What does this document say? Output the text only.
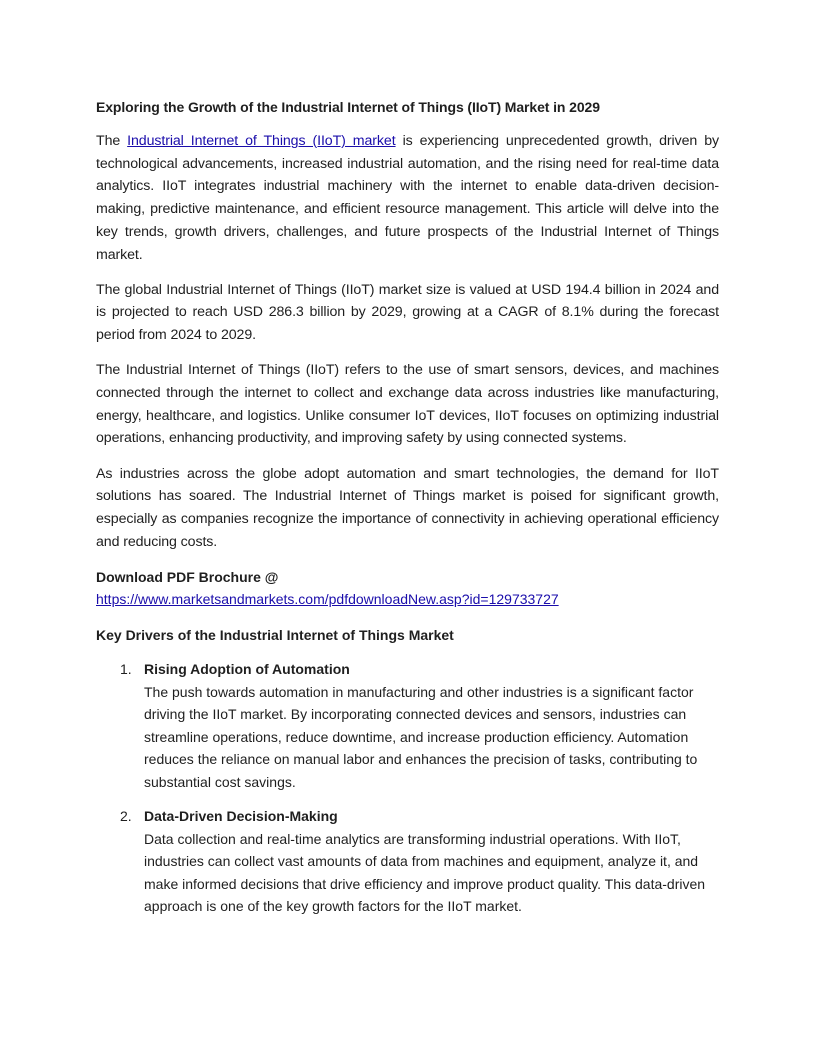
Exploring the Growth of the Industrial Internet of Things (IIoT) Market in 2029

The Industrial Internet of Things (IIoT) market is experiencing unprecedented growth, driven by technological advancements, increased industrial automation, and the rising need for real-time data analytics. IIoT integrates industrial machinery with the internet to enable data-driven decision-making, predictive maintenance, and efficient resource management. This article will delve into the key trends, growth drivers, challenges, and future prospects of the Industrial Internet of Things market.

The global Industrial Internet of Things (IIoT) market size is valued at USD 194.4 billion in 2024 and is projected to reach USD 286.3 billion by 2029, growing at a CAGR of 8.1% during the forecast period from 2024 to 2029.

The Industrial Internet of Things (IIoT) refers to the use of smart sensors, devices, and machines connected through the internet to collect and exchange data across industries like manufacturing, energy, healthcare, and logistics. Unlike consumer IoT devices, IIoT focuses on optimizing industrial operations, enhancing productivity, and improving safety by using connected systems.

As industries across the globe adopt automation and smart technologies, the demand for IIoT solutions has soared. The Industrial Internet of Things market is poised for significant growth, especially as companies recognize the importance of connectivity in achieving operational efficiency and reducing costs.

Download PDF Brochure @
https://www.marketsandmarkets.com/pdfdownloadNew.asp?id=129733727
Key Drivers of the Industrial Internet of Things Market
1. Rising Adoption of Automation
The push towards automation in manufacturing and other industries is a significant factor driving the IIoT market. By incorporating connected devices and sensors, industries can streamline operations, reduce downtime, and increase production efficiency. Automation reduces the reliance on manual labor and enhances the precision of tasks, contributing to substantial cost savings.
2. Data-Driven Decision-Making
Data collection and real-time analytics are transforming industrial operations. With IIoT, industries can collect vast amounts of data from machines and equipment, analyze it, and make informed decisions that drive efficiency and improve product quality. This data-driven approach is one of the key growth factors for the IIoT market.
